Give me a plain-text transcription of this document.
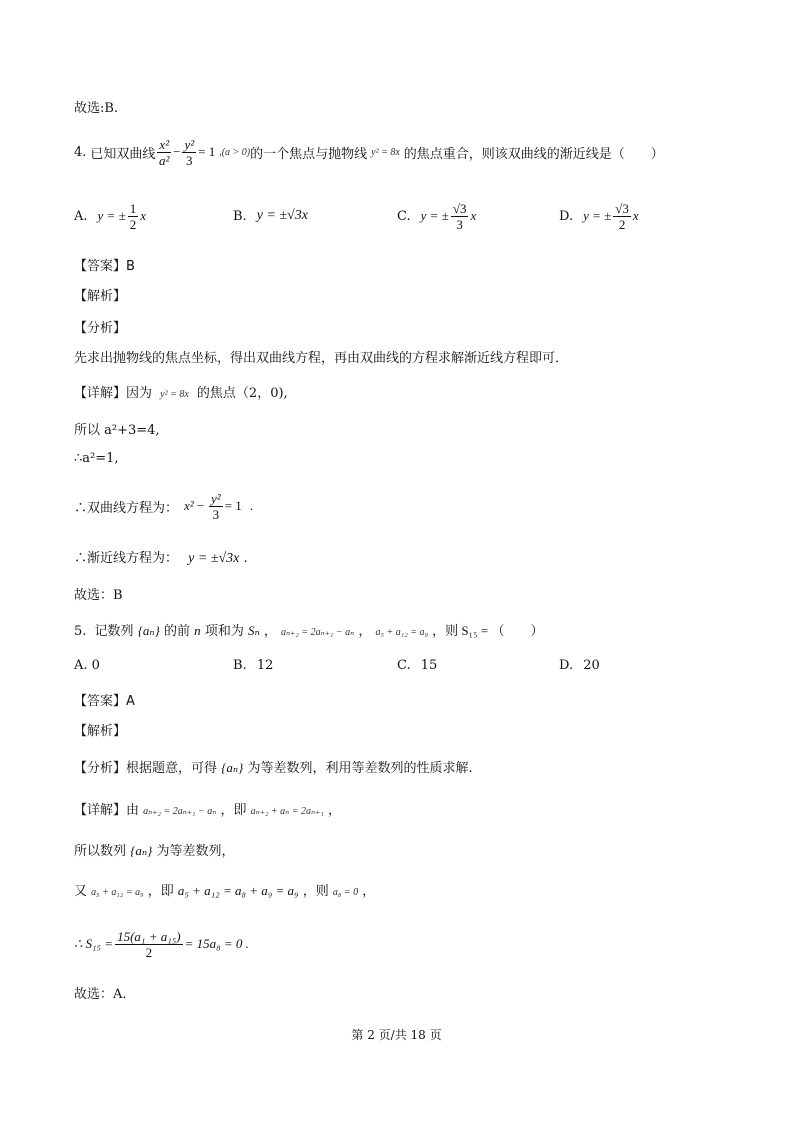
故选:B.
4. 已知双曲线 $\frac{\text{x²}}{\text{a²}} - \frac{\text{y²}}{3} = 1$ ,(a > 0) 的一个焦点与抛物线 y² = 8x 的焦点重合，则该双曲线的渐近线是（　　）
A. y = ± $\frac{1}{2}$ x	B. y = ±√3x	C. y = ± $\frac{√3}{3}$ x	D. y = ± $\frac{√3}{2}$ x
【答案】B
【解析】
【分析】
先求出抛物线的焦点坐标，得出双曲线方程，再由双曲线的方程求解渐近线方程即可．
【详解】因为 y² = 8x 的焦点（2，0),
所以 a²+3=4,
∴a²=1,
∴双曲线方程为： $x^2 - \frac{\text{y²}}{3} = 1$ .
∴渐近线方程为： y = ±√3x .
故选：B
5. 记数列 {aₙ} 的前 n 项和为 Sₙ ， aₙ₊₂ = 2aₙ₊₁ − aₙ ， a₅ + a₁₂ = a₉ ，则 S₁₅ = （　　）
A. 0	B. 12	C. 15	D. 20
【答案】A
【解析】
【分析】根据题意，可得 {aₙ} 为等差数列，利用等差数列的性质求解.
【详解】由 aₙ₊₂ = 2aₙ₊₁ − aₙ ，即 aₙ₊₂ + aₙ = 2aₙ₊₁ ，
所以数列 {aₙ} 为等差数列，
又 a₅ + a₁₂ = a₉ ，即 a₅ + a₁₂ = a₈ + a₉ = a₉ ，则 a₈ = 0 ，
∴ $S_{15} = \frac{\text{15(a₁ + a₁₅)}}{2} = 15a_8 = 0$ .
故选：A.
第 2 页/共 18 页
